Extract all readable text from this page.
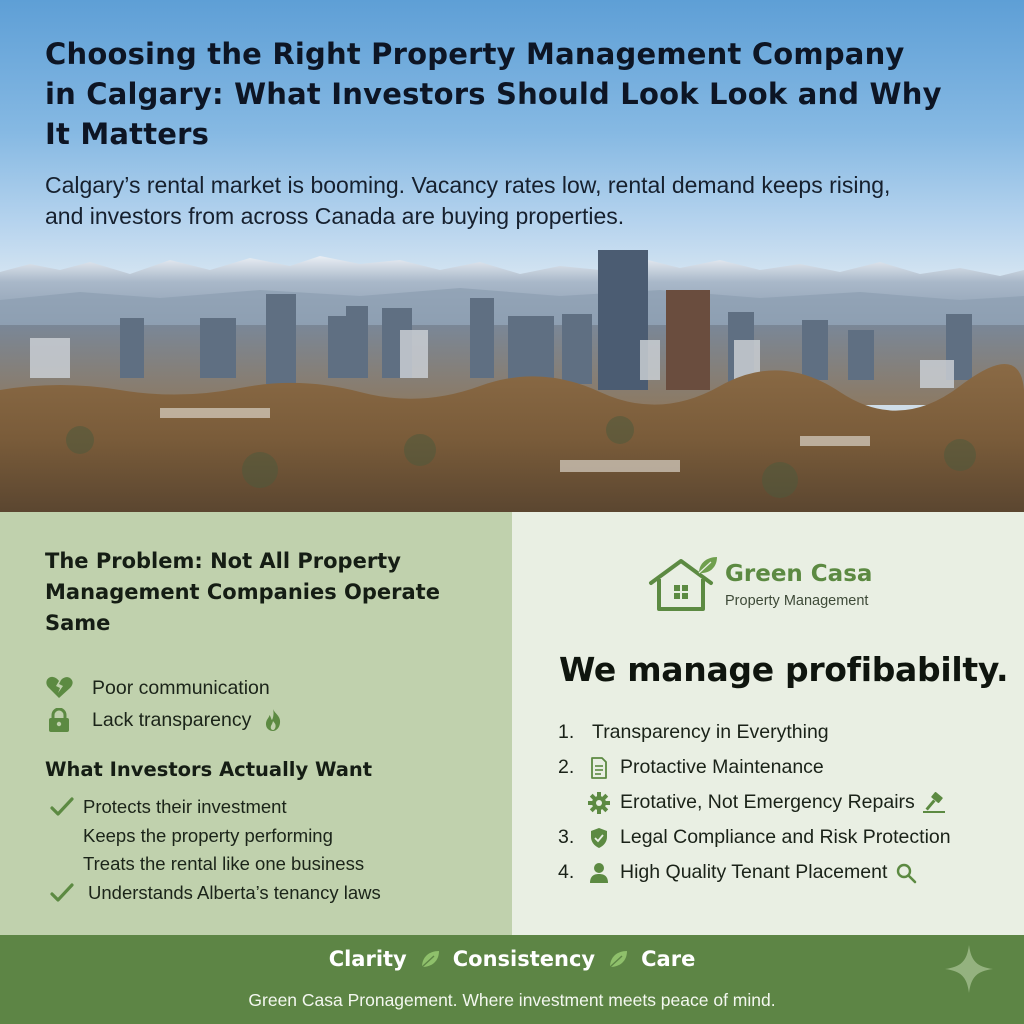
Choosing the Right Property Management Company in Calgary: What Investors Should Look Look and Why It Matters

Calgary’s rental market is booming. Vacancy rates low, rental demand keeps rising, and investors from across Canada are buying properties.

The Problem: Not All Property Management Companies Operate Same
Poor communication
Lack transparency
What Investors Actually Want
Protects their investment
Keeps the property performing
Treats the rental like one business
Understands Alberta’s tenancy laws
Green Casa
Property Management
We manage profibabilty.
1. Transparency in Everything
2.	Protactive Maintenance
Erotative, Not Emergency Repairs
3.	Legal Compliance and Risk Protection
4.	High Quality Tenant Placement
Clarity Consistency Care
Green Casa Pronagement. Where investment meets peace of mind.
